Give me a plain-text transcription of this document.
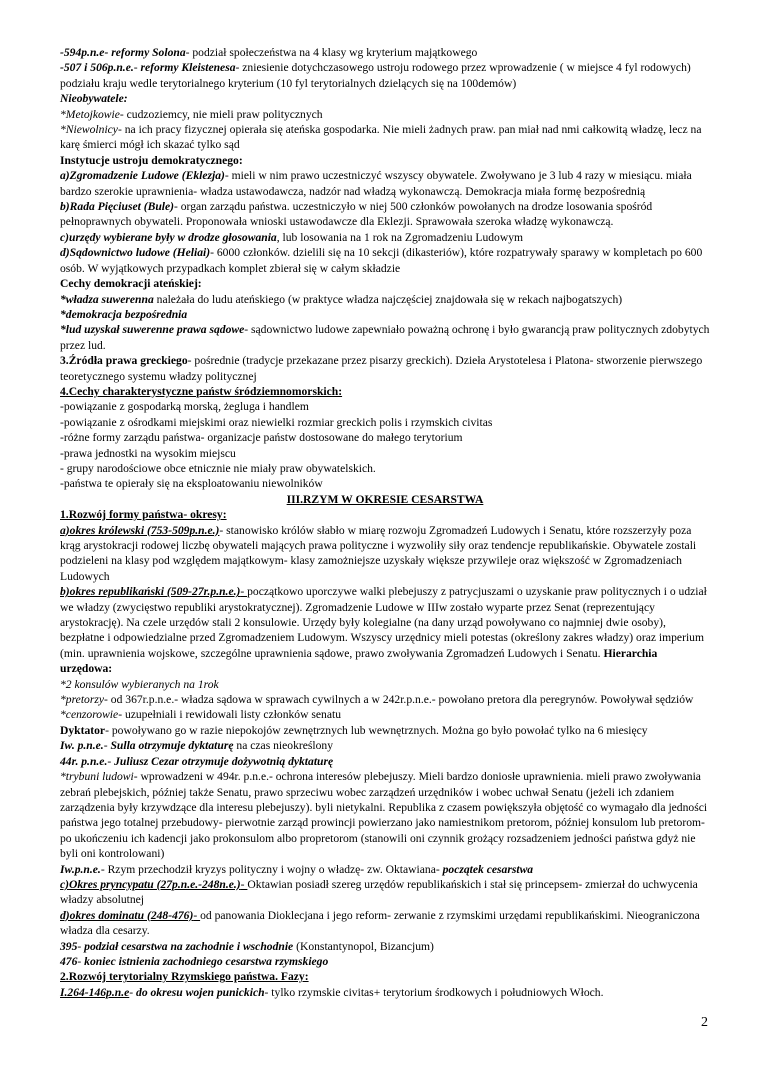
-594p.n.e- reformy Solona- podział społeczeństwa na 4 klasy wg kryterium majątkowego

-507 i 506p.n.e.- reformy Kleistenesa- zniesienie dotychczasowego ustroju rodowego przez wprowadzenie ( w miejsce 4 fyl rodowych) podziału kraju wedle terytorialnego kryterium (10 fyl terytorialnych dzielących się na 100demów)

Nieobywatele:

*Metojkowie- cudzoziemcy, nie mieli praw politycznych

*Niewolnicy- na ich pracy fizycznej opierała się ateńska gospodarka. Nie mieli żadnych praw. pan miał nad nmi całkowitą władzę, lecz na karę śmierci mógł ich skazać tylko sąd

Instytucje ustroju demokratycznego:

a)Zgromadzenie Ludowe (Eklezja)- mieli w nim prawo uczestniczyć wszyscy obywatele. Zwoływano je 3 lub 4 razy w miesiącu. miała bardzo szerokie uprawnienia- władza ustawodawcza, nadzór nad władzą wykonawczą. Demokracja miała formę bezpośrednią

b)Rada Pięciuset (Bule)- organ zarządu państwa. uczestniczyło w niej 500 członków powołanych na drodze losowania spośród pełnoprawnych obywateli. Proponowała wnioski ustawodawcze dla Eklezji. Sprawowała szeroka władzę wykonawczą.

c)urzędy wybierane były w drodze głosowania, lub losowania na 1 rok na Zgromadzeniu Ludowym

d)Sądownictwo ludowe (Heliai)- 6000 członków. dzielili się na 10 sekcji (dikasteriów), które rozpatrywały sparawy w kompletach po 600 osób. W wyjątkowych przypadkach komplet zbierał się w całym składzie

Cechy demokracji ateńskiej:

*władza suwerenna należała do ludu ateńskiego (w praktyce władza najczęściej znajdowała się w rekach najbogatszych)

*demokracja bezpośrednia

*lud uzyskał suwerenne prawa sądowe- sądownictwo ludowe zapewniało poważną ochronę i było gwarancją praw politycznych zdobytych przez lud.

3.Źródła prawa greckiego- pośrednie (tradycje przekazane przez pisarzy greckich). Dzieła Arystotelesa i Platona- stworzenie pierwszego teoretycznego systemu władzy politycznej

4.Cechy charakterystyczne państw śródziemnomorskich:

-powiązanie z gospodarką morską, żegluga i handlem

-powiązanie z ośrodkami miejskimi oraz niewielki rozmiar greckich polis i rzymskich civitas

-różne formy zarządu państwa- organizacje państw dostosowane do małego terytorium

-prawa jednostki na wysokim miejscu

- grupy narodościowe obce etnicznie nie miały praw obywatelskich.

-państwa te opierały się na eksploatowaniu niewolników

III.RZYM W OKRESIE CESARSTWA

1.Rozwój formy państwa- okresy:

a)okres królewski (753-509p.n.e.)- stanowisko królów słabło w miarę rozwoju Zgromadzeń Ludowych i Senatu, które rozszerzyły poza krąg arystokracji rodowej liczbę obywateli mających prawa polityczne i wyzwoliły siły oraz tendencje republikańskie. Obywatele zostali podzieleni na klasy pod względem majątkowym- klasy zamożniejsze uzyskały większe przywileje oraz większość w Zgromadzeniach Ludowych

b)okres republikański (509-27r.p.n.e.)- początkowo uporczywe walki plebejuszy z patrycjuszami o uzyskanie praw politycznych i o udział we władzy (zwycięstwo republiki arystokratycznej). Zgromadzenie Ludowe w IIIw zostało wyparte przez Senat (reprezentujący arystokrację). Na czele urzędów stali 2 konsulowie. Urzędy były kolegialne (na dany urząd powoływano co najmniej dwie osoby), bezpłatne i odpowiedzialne przed Zgromadzeniem Ludowym. Wszyscy urzędnicy mieli potestas (określony zakres władzy) oraz imperium (min. uprawnienia wojskowe, szczególne uprawnienia sądowe, prawo zwoływania Zgromadzeń Ludowych i Senatu. Hierarchia urzędowa:

*2 konsulów wybieranych na 1rok

*pretorzy- od 367r.p.n.e.- władza sądowa w sprawach cywilnych a w 242r.p.n.e.- powołano pretora dla peregrynów. Powoływał sędziów

*cenzorowie- uzupełniali i rewidowali listy członków senatu

Dyktator- powoływano go w razie niepokojów zewnętrznych lub wewnętrznych. Można go było powołać tylko na 6 miesięcy

Iw. p.n.e.- Sulla otrzymuje dyktaturę na czas nieokreślony

44r. p.n.e.- Juliusz Cezar otrzymuje dożywotnią dyktaturę

*trybuni ludowi- wprowadzeni w 494r. p.n.e.- ochrona interesów plebejuszy. Mieli bardzo doniosłe uprawnienia. mieli prawo zwoływania zebrań plebejskich, później także Senatu, prawo sprzeciwu wobec zarządzeń urzędników i wobec uchwał Senatu (jeżeli ich zdaniem zarządzenia były krzywdzące dla interesu plebejuszy). byli nietykalni. Republika z czasem powiększyła objętość co wymagało dla jedności państwa jego totalnej przebudowy- pierwotnie zarząd prowincji powierzano jako namiestnikom pretorom, później konsulom lub pretorom- po ukończeniu ich kadencji jako prokonsulom albo propretorom (stanowili oni czynnik grożący rozsadzeniem jedności państwa gdyż nie byli oni kontrolowani)

Iw.p.n.e.- Rzym przechodził kryzys polityczny i wojny o władzę- zw. Oktawiana- początek cesarstwa

c)Okres pryncypatu (27p.n.e.-248n.e.)- Oktawian posiadł szereg urzędów republikańskich i stał się princepsem- zmierzał do uchwycenia władzy absolutnej

d)okres dominatu (248-476)- od panowania Dioklecjana i jego reform- zerwanie z rzymskimi urzędami republikańskimi. Nieograniczona władza dla cesarzy.

395- podział cesarstwa na zachodnie i wschodnie (Konstantynopol, Bizancjum)

476- koniec istnienia zachodniego cesarstwa rzymskiego

2.Rozwój terytorialny Rzymskiego państwa. Fazy:

I.264-146p.n.e- do okresu wojen punickich- tylko rzymskie civitas+ terytorium środkowych i południowych Włoch.

2
